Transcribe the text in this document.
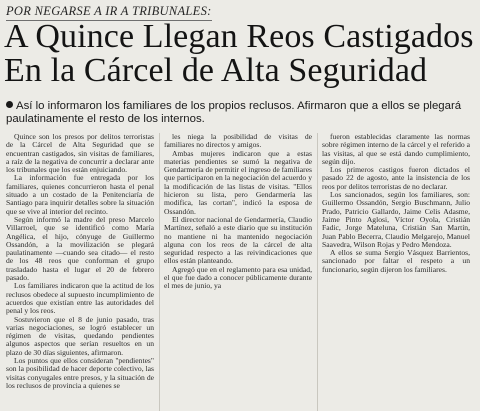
POR NEGARSE A IR A TRIBUNALES:
A Quince Llegan Reos Castigados
En la Cárcel de Alta Seguridad
Así lo informaron los familiares de los propios reclusos. Afirmaron que a ellos se plegará paulatinamente el resto de los internos.

Quince son los presos por delitos terroristas de la Cárcel de Alta Seguridad que se encuentran castigados, sin visitas de familiares, a raíz de la negativa de concurrir a declarar ante los tribunales que los están enjuiciando.

La información fue entregada por los familiares, quienes concurrieron hasta el penal situado a un costado de la Penitenciaría de Santiago para inquirir detalles sobre la situación que se vive al interior del recinto.

Según informó la madre del preso Marcelo Villarroel, que se identificó como María Angélica, el hijo, cónyuge de Guillermo Ossandón, a la movilización se plegará paulatinamente —cuando sea citado— el resto de los 48 reos que conforman el grupo trasladado hasta el lugar el 20 de febrero pasado.

Los familiares indicaron que la actitud de los reclusos obedece al supuesto incumplimiento de acuerdos que existían entre las autoridades del penal y los reos.

Sostuvieron que el 8 de junio pasado, tras varias negociaciones, se logró establecer un régimen de visitas, quedando pendientes algunos aspectos que serían resueltos en un plazo de 30 días siguientes, afirmaron.

Los puntos que ellos consideran "pendientes" son la posibilidad de hacer deporte colectivo, las visitas conyugales entre presos, y la situación de los reclusos de provincia a quienes se

les niega la posibilidad de visitas de familiares no directos y amigos.

Ambas mujeres indicaron que a estas materias pendientes se sumó la negativa de Gendarmería de permitir el ingreso de familiares que participaron en la negociación del acuerdo y la modificación de las listas de visitas. "Ellos hicieron su lista, pero Gendarmería las modifica, las cortan", indicó la esposa de Ossandón.

El director nacional de Gendarmería, Claudio Martínez, señaló a este diario que su institución no mantiene ni ha mantenido negociación alguna con los reos de la cárcel de alta seguridad respecto a las reivindicaciones que ellos están planteando.

Agregó que en el reglamento para esa unidad, el que fue dado a conocer públicamente durante el mes de junio, ya

fueron establecidas claramente las normas sobre régimen interno de la cárcel y el referido a las visitas, al que se está dando cumplimiento, según dijo.

Los primeros castigos fueron dictados el pasado 22 de agosto, ante la insistencia de los reos por delitos terroristas de no declarar.

Los sancionados, según los familiares, son: Guillermo Ossandón, Sergio Buschmann, Julio Prado, Patricio Gallardo, Jaime Celis Adasme, Jaime Pinto Aglosi, Víctor Oyola, Cristián Fadic, Jorge Mateluna, Cristián San Martín, Juan Pablo Becerra, Claudio Melgarejo, Manuel Saavedra, Wilson Rojas y Pedro Mendoza.

A ellos se suma Sergio Vásquez Barrientos, sancionado por faltar el respeto a un funcionario, según dijeron los familiares.
